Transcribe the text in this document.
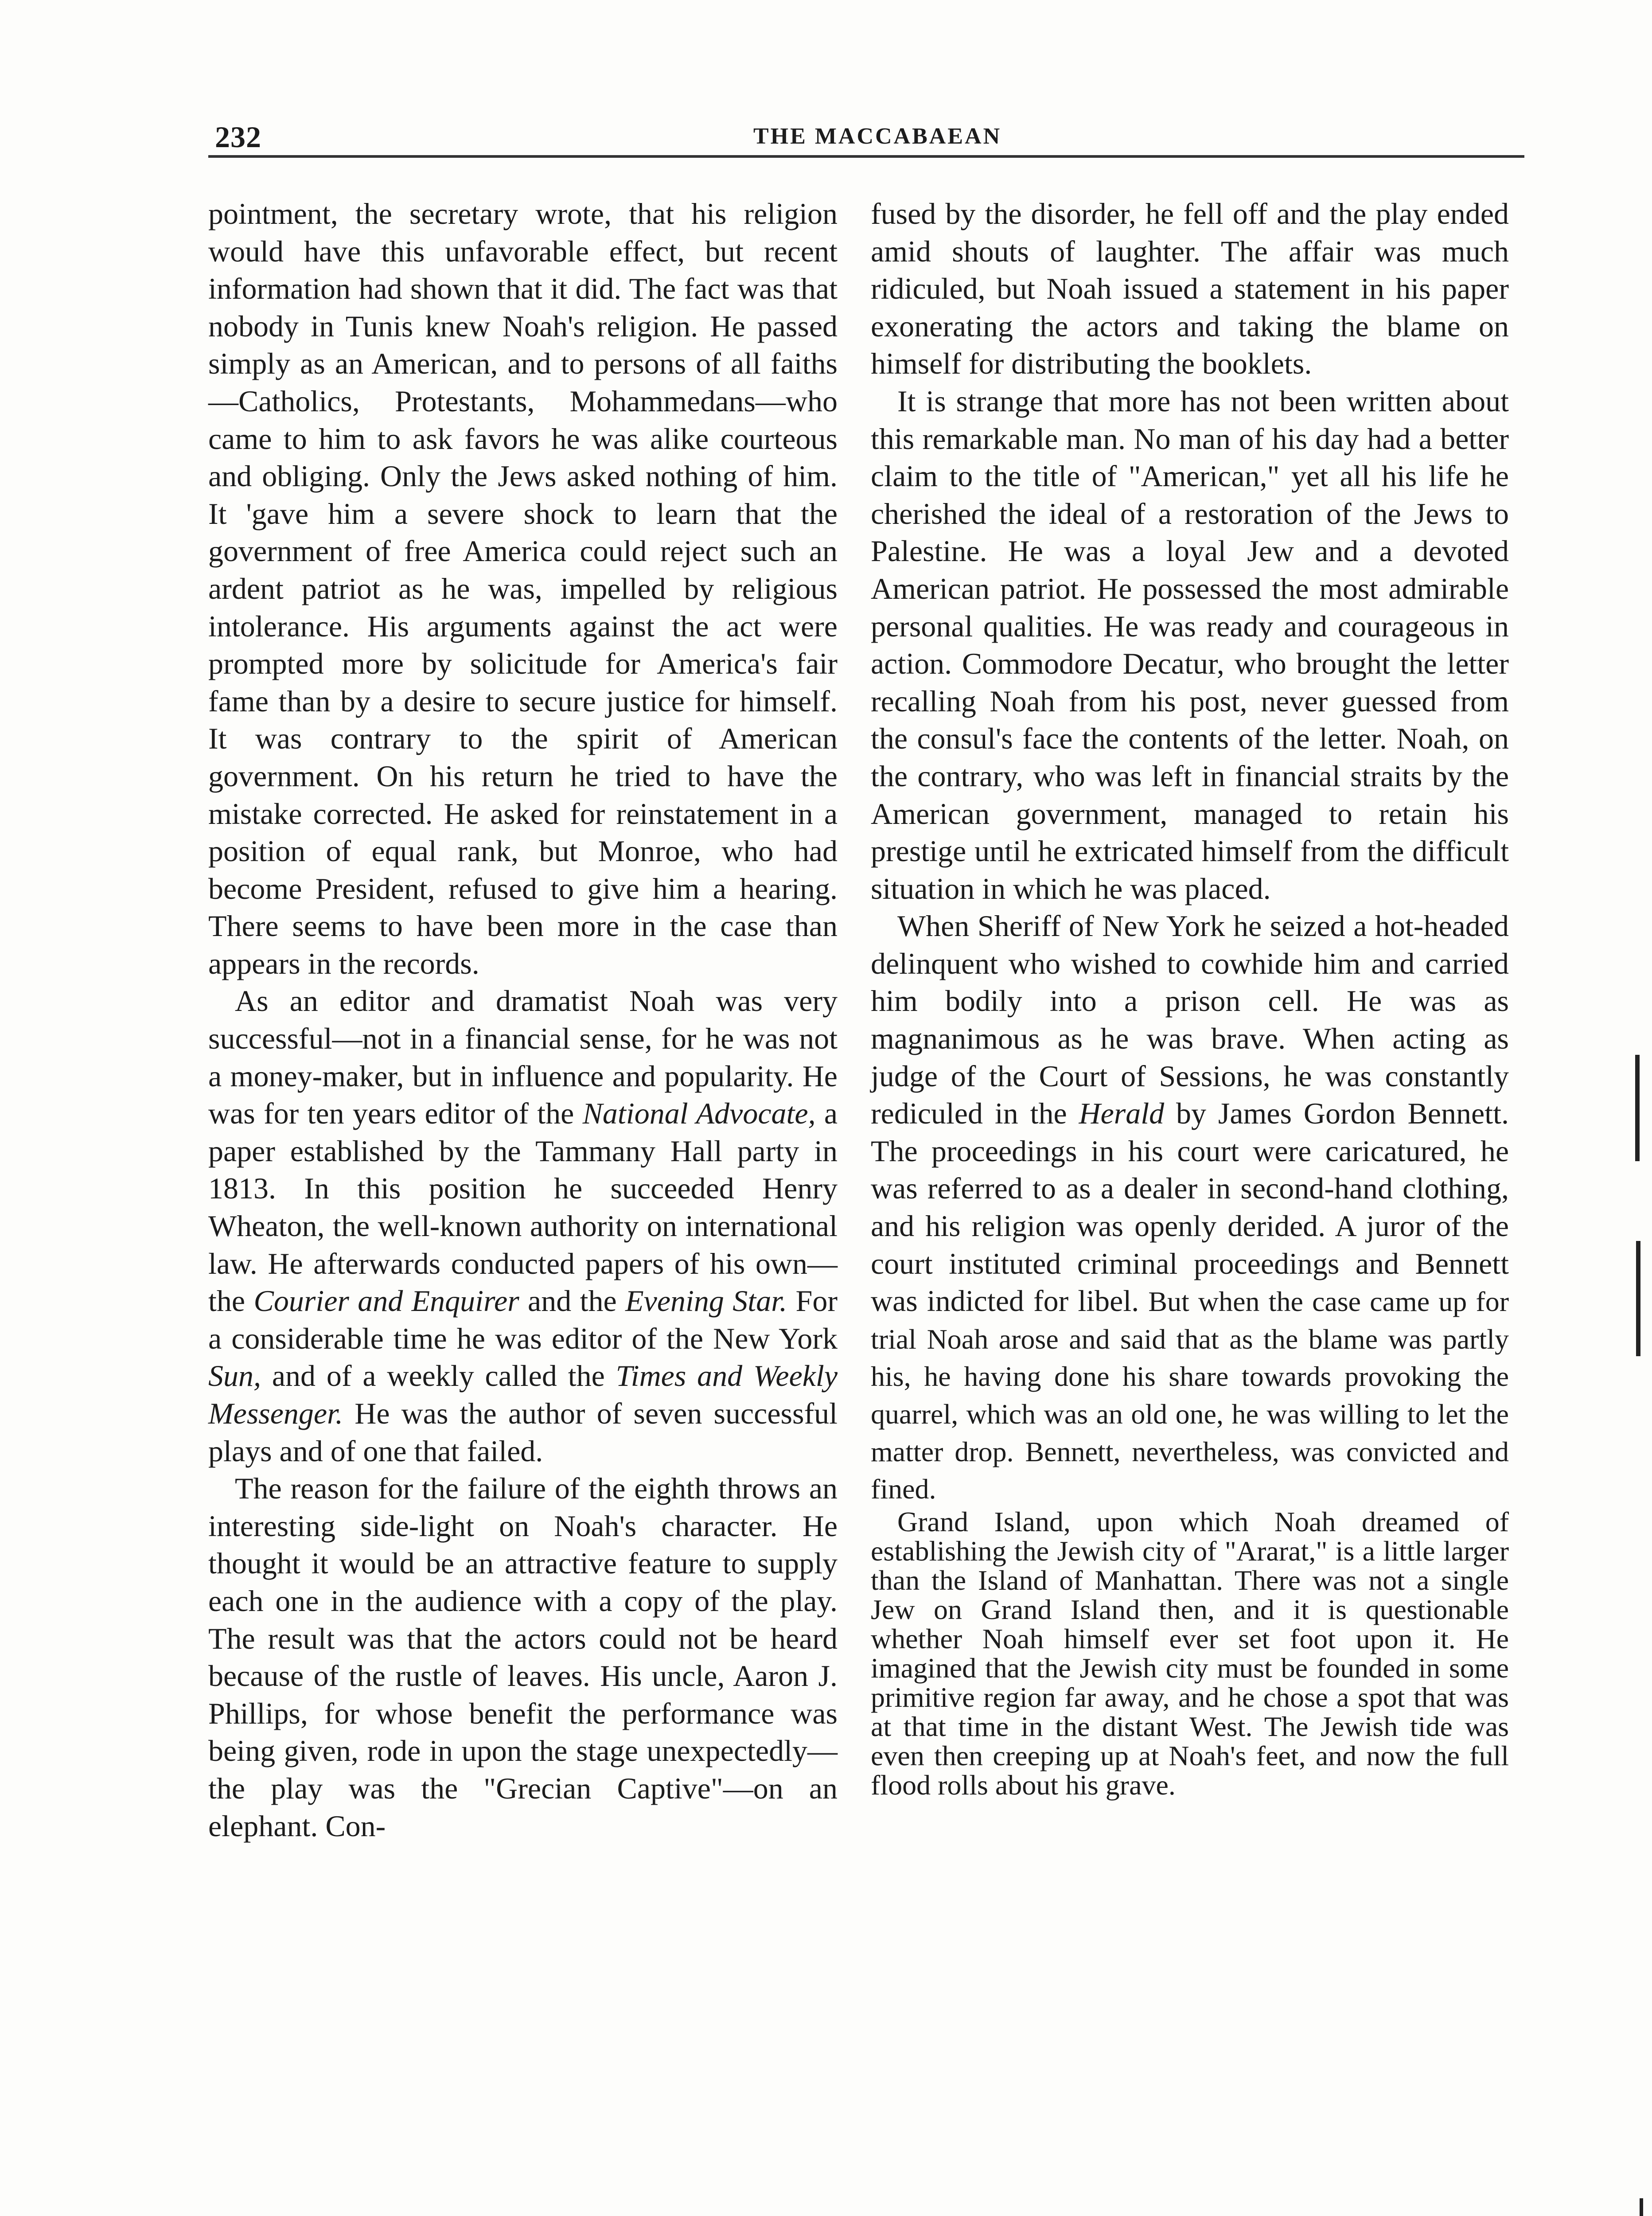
232	THE MACCABAEAN

pointment, the secretary wrote, that his religion would have this unfavorable effect, but recent information had shown that it did. The fact was that nobody in Tunis knew Noah's religion. He passed simply as an American, and to persons of all faiths—Catholics, Protestants, Mohammedans—who came to him to ask favors he was alike courteous and obliging. Only the Jews asked nothing of him. It 'gave him a severe shock to learn that the government of free America could reject such an ardent patriot as he was, impelled by religious intolerance. His arguments against the act were prompted more by solicitude for America's fair fame than by a desire to secure justice for himself. It was contrary to the spirit of American government. On his return he tried to have the mistake corrected. He asked for reinstatement in a position of equal rank, but Monroe, who had become President, refused to give him a hearing. There seems to have been more in the case than appears in the records.

As an editor and dramatist Noah was very successful—not in a financial sense, for he was not a money-maker, but in influence and popularity. He was for ten years editor of the National Advocate, a paper established by the Tammany Hall party in 1813. In this position he succeeded Henry Wheaton, the well-known authority on international law. He afterwards conducted papers of his own—the Courier and Enquirer and the Evening Star. For a considerable time he was editor of the New York Sun, and of a weekly called the Times and Weekly Messenger. He was the author of seven successful plays and of one that failed.

The reason for the failure of the eighth throws an interesting side-light on Noah's character. He thought it would be an attractive feature to supply each one in the audience with a copy of the play. The result was that the actors could not be heard because of the rustle of leaves. His uncle, Aaron J. Phillips, for whose benefit the performance was being given, rode in upon the stage unexpectedly—the play was the "Grecian Captive"—on an elephant. Con-

fused by the disorder, he fell off and the play ended amid shouts of laughter. The affair was much ridiculed, but Noah issued a statement in his paper exonerating the actors and taking the blame on himself for distributing the booklets.

It is strange that more has not been written about this remarkable man. No man of his day had a better claim to the title of "American," yet all his life he cherished the ideal of a restoration of the Jews to Palestine. He was a loyal Jew and a devoted American patriot. He possessed the most admirable personal qualities. He was ready and courageous in action. Commodore Decatur, who brought the letter recalling Noah from his post, never guessed from the consul's face the contents of the letter. Noah, on the contrary, who was left in financial straits by the American government, managed to retain his prestige until he extricated himself from the difficult situation in which he was placed.

When Sheriff of New York he seized a hot-headed delinquent who wished to cowhide him and carried him bodily into a prison cell. He was as magnanimous as he was brave. When acting as judge of the Court of Sessions, he was constantly rediculed in the Herald by James Gordon Bennett. The proceedings in his court were caricatured, he was referred to as a dealer in second-hand clothing, and his religion was openly derided. A juror of the court instituted criminal proceedings and Bennett was indicted for libel. But when the case came up for trial Noah arose and said that as the blame was partly his, he having done his share towards provoking the quarrel, which was an old one, he was willing to let the matter drop. Bennett, nevertheless, was convicted and fined.

Grand Island, upon which Noah dreamed of establishing the Jewish city of "Ararat," is a little larger than the Island of Manhattan. There was not a single Jew on Grand Island then, and it is questionable whether Noah himself ever set foot upon it. He imagined that the Jewish city must be founded in some primitive region far away, and he chose a spot that was at that time in the distant West. The Jewish tide was even then creeping up at Noah's feet, and now the full flood rolls about his grave.
